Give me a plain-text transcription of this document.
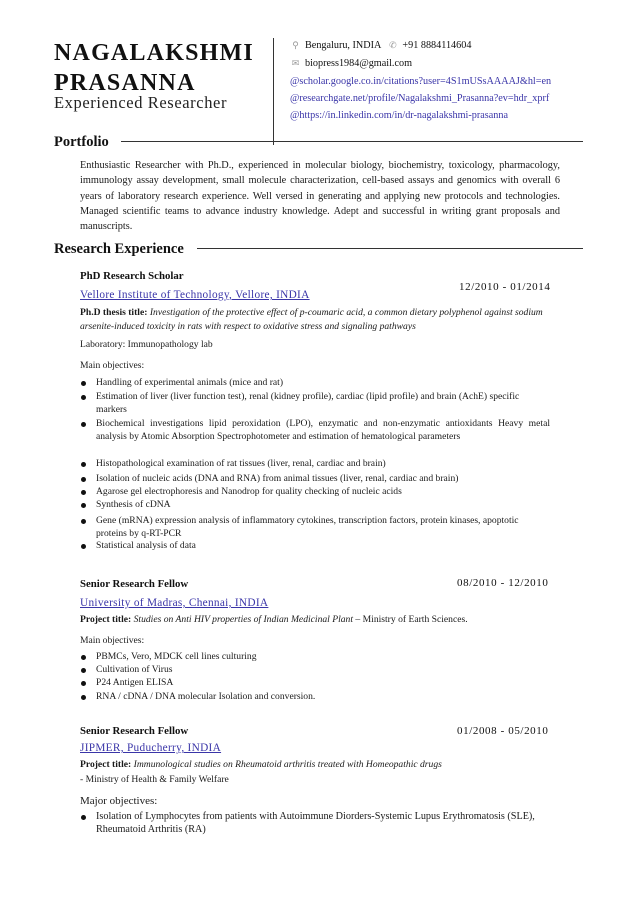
NAGALAKSHMI
PRASANNA
Experienced Researcher
⚲ Bengaluru, INDIA ✆ +91 8884114604
✉ biopress1984@gmail.com
@scholar.google.co.in/citations?user=4S1mUSsAAAAJ&hl=en
@researchgate.net/profile/Nagalakshmi_Prasanna?ev=hdr_xprf
@https://in.linkedin.com/in/dr-nagalakshmi-prasanna
Portfolio
Enthusiastic Researcher with Ph.D., experienced in molecular biology, biochemistry, toxicology, pharmacology, immunology assay development, small molecule characterization, cell-based assays and genomics with overall 6 years of laboratory research experience. Well versed in generating and applying new protocols and technologies. Managed scientific teams to advance industry knowledge. Adept and successful in writing grant proposals and manuscripts.
Research Experience
PhD Research Scholar
12/2010 - 01/2014
Vellore Institute of Technology, Vellore, INDIA
Ph.D thesis title: Investigation of the protective effect of p-coumaric acid, a common dietary polyphenol against sodium arsenite-induced toxicity in rats with respect to oxidative stress and signaling pathways
Laboratory: Immunopathology lab
Main objectives:
Handling of experimental animals (mice and rat)
Estimation of liver (liver function test), renal (kidney profile), cardiac (lipid profile) and brain (AchE) specific markers
Biochemical investigations lipid peroxidation (LPO), enzymatic and non-enzymatic antioxidants Heavy metal analysis by Atomic Absorption Spectrophotometer and estimation of hematological parameters
Histopathological examination of rat tissues (liver, renal, cardiac and brain)
Isolation of nucleic acids (DNA and RNA) from animal tissues (liver, renal, cardiac and brain)
Agarose gel electrophoresis and Nanodrop for quality checking of nucleic acids
Synthesis of cDNA
Gene (mRNA) expression analysis of inflammatory cytokines, transcription factors, protein kinases, apoptotic proteins by q-RT-PCR
Statistical analysis of data
Senior Research Fellow	08/2010 - 12/2010
University of Madras, Chennai, INDIA
Project title: Studies on Anti HIV properties of Indian Medicinal Plant – Ministry of Earth Sciences.
Main objectives:
PBMCs, Vero, MDCK cell lines culturing
Cultivation of Virus
P24 Antigen ELISA
RNA / cDNA / DNA molecular Isolation and conversion.
Senior Research Fellow	01/2008 - 05/2010
JIPMER, Puducherry, INDIA
Project title: Immunological studies on Rheumatoid arthritis treated with Homeopathic drugs
- Ministry of Health & Family Welfare
Major objectives:
Isolation of Lymphocytes from patients with Autoimmune Diorders-Systemic Lupus Erythromatosis (SLE), Rheumatoid Arthritis (RA)
